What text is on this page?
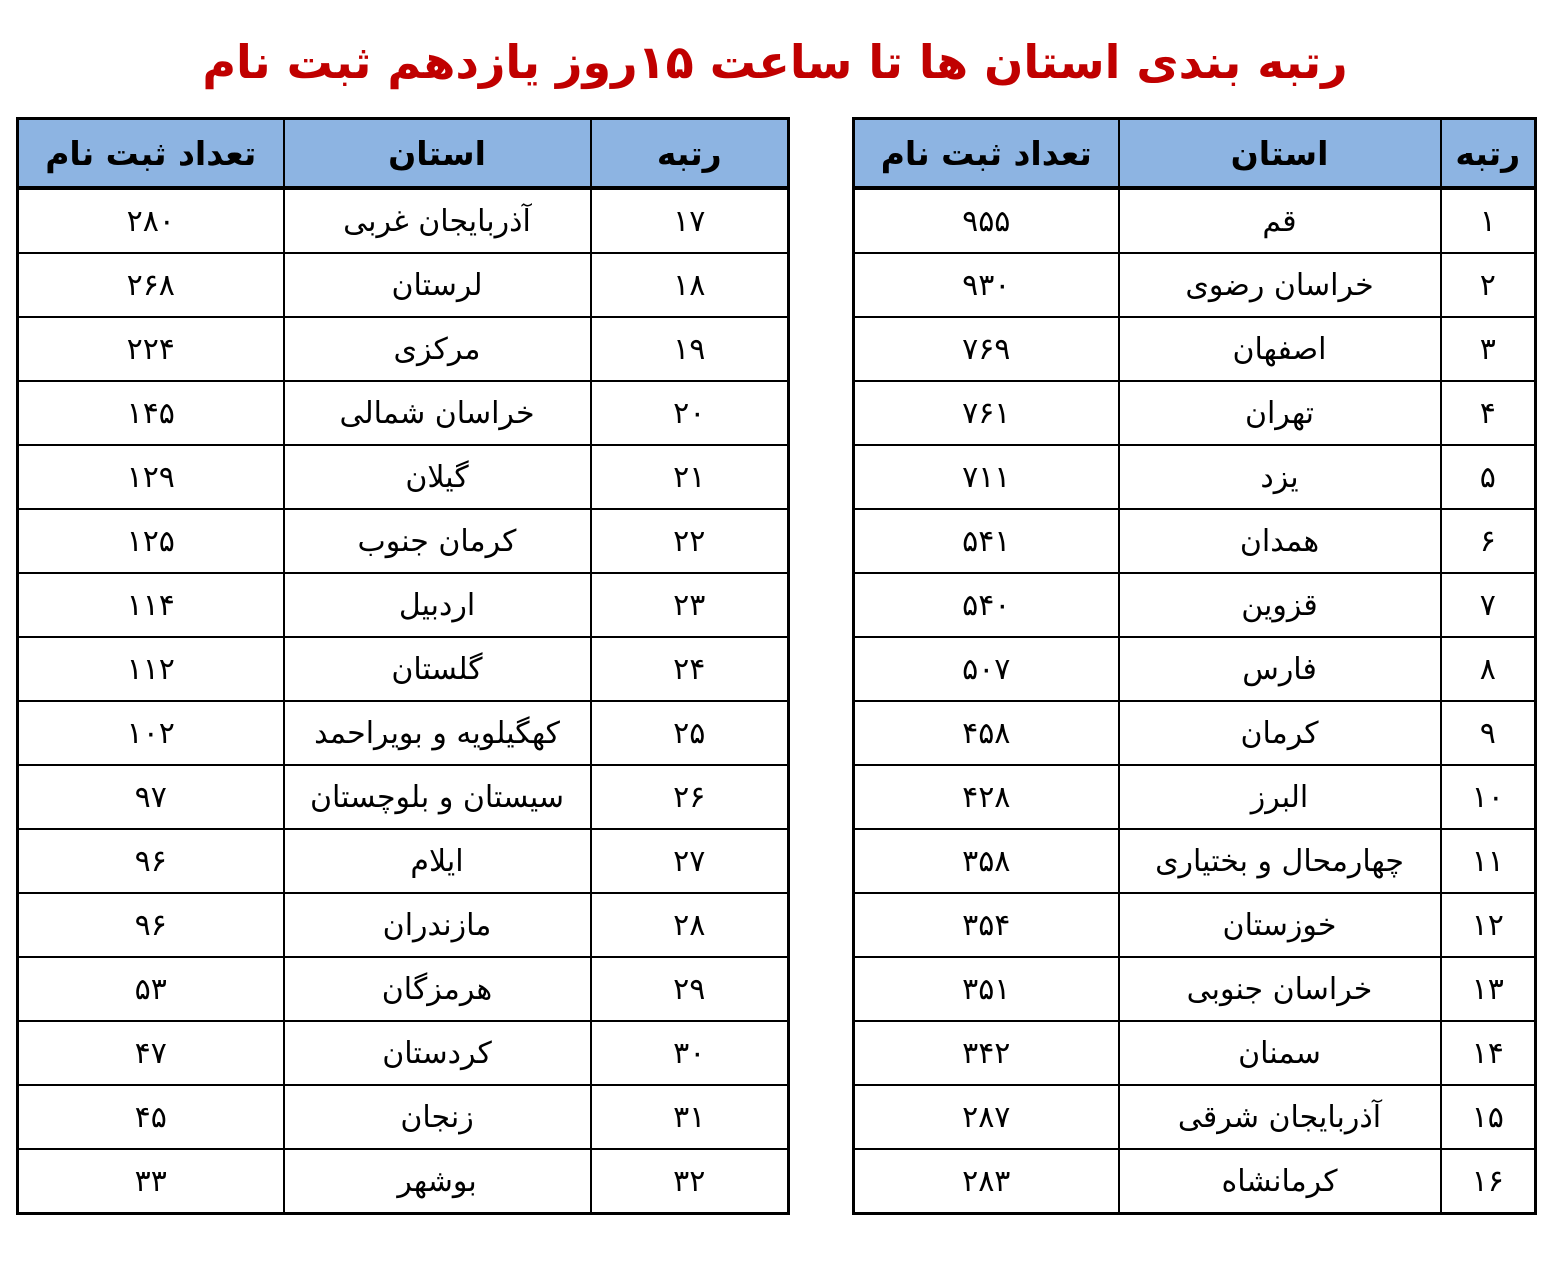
رتبه بندی استان ها تا ساعت ۱۵روز یازدهم ثبت نام
رتبه	استان	تعداد ثبت نام
۱	قم	۹۵۵
۲	خراسان رضوی	۹۳۰
۳	اصفهان	۷۶۹
۴	تهران	۷۶۱
۵	یزد	۷۱۱
۶	همدان	۵۴۱
۷	قزوین	۵۴۰
۸	فارس	۵۰۷
۹	کرمان	۴۵۸
۱۰	البرز	۴۲۸
۱۱	چهارمحال و بختیاری	۳۵۸
۱۲	خوزستان	۳۵۴
۱۳	خراسان جنوبی	۳۵۱
۱۴	سمنان	۳۴۲
۱۵	آذربایجان شرقی	۲۸۷
۱۶	کرمانشاه	۲۸۳
رتبه	استان	تعداد ثبت نام
۱۷	آذربایجان غربی	۲۸۰
۱۸	لرستان	۲۶۸
۱۹	مرکزی	۲۲۴
۲۰	خراسان شمالی	۱۴۵
۲۱	گیلان	۱۲۹
۲۲	کرمان جنوب	۱۲۵
۲۳	اردبیل	۱۱۴
۲۴	گلستان	۱۱۲
۲۵	کهگیلویه و بویراحمد	۱۰۲
۲۶	سیستان و بلوچستان	۹۷
۲۷	ایلام	۹۶
۲۸	مازندران	۹۶
۲۹	هرمزگان	۵۳
۳۰	کردستان	۴۷
۳۱	زنجان	۴۵
۳۲	بوشهر	۳۳
